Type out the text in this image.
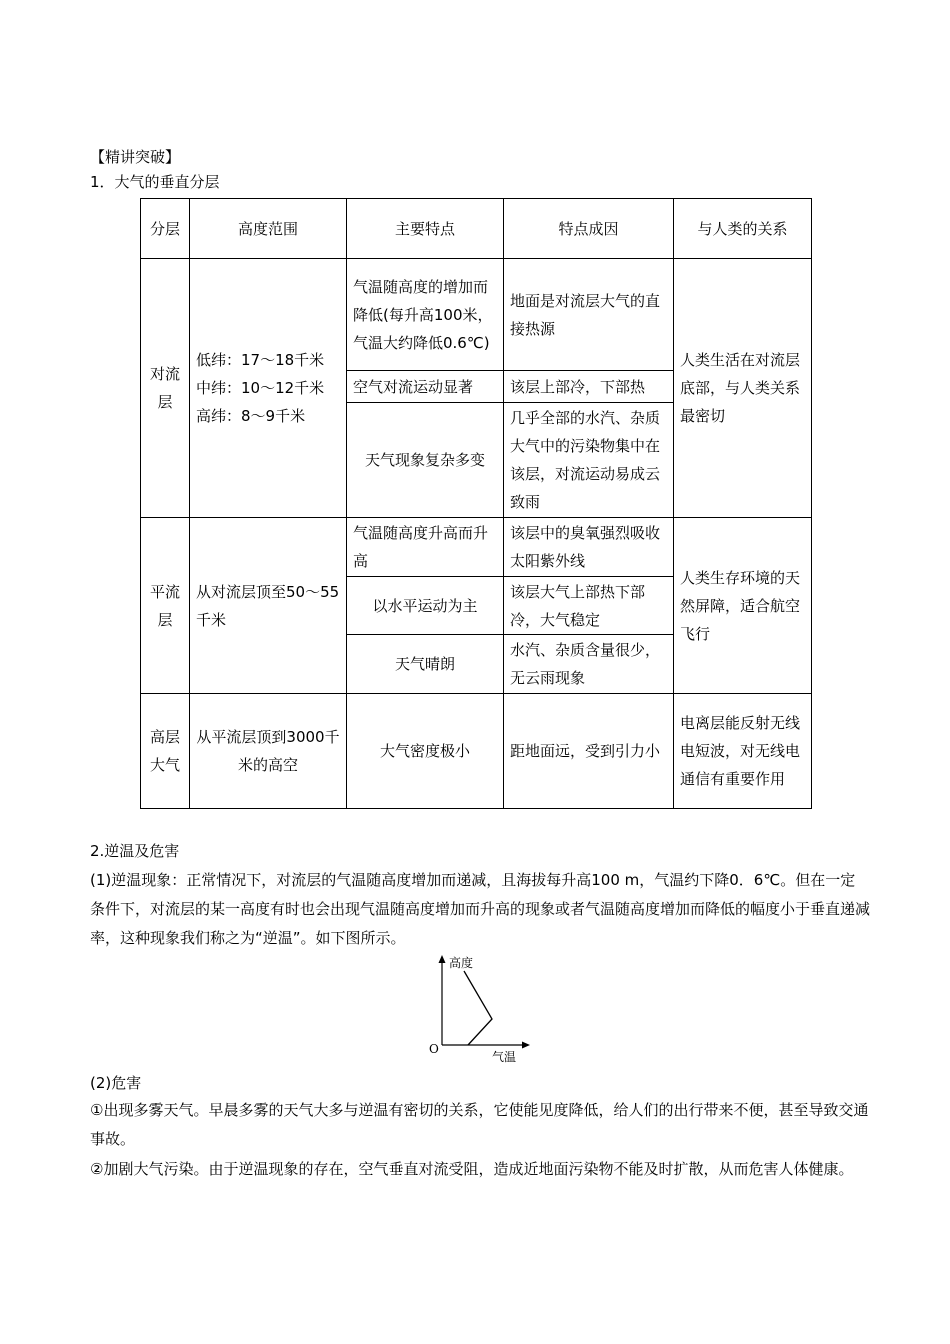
【精讲突破】
1．大气的垂直分层
分层	高度范围	主要特点	特点成因	与人类的关系
对流层	低纬：17～18千米 中纬：10～12千米 高纬：8～9千米	气温随高度的增加而降低(每升高100米，气温大约降低0.6℃)	地面是对流层大气的直接热源	人类生活在对流层底部，与人类关系最密切
		空气对流运动显著	该层上部冷，下部热	
		天气现象复杂多变	几乎全部的水汽、杂质大气中的污染物集中在该层，对流运动易成云致雨	
平流层	从对流层顶至50～55千米	气温随高度升高而升高	该层中的臭氧强烈吸收太阳紫外线	人类生存环境的天然屏障，适合航空飞行
		以水平运动为主	该层大气上部热下部冷，大气稳定	
		天气晴朗	水汽、杂质含量很少，无云雨现象	
高层大气	从平流层顶到3000千米的高空	大气密度极小	距地面远，受到引力小	电离层能反射无线电短波，对无线电通信有重要作用
2.逆温及危害
(1)逆温现象：正常情况下，对流层的气温随高度增加而递减，且海拔每升高100 m，气温约下降0．6℃。但在一定条件下，对流层的某一高度有时也会出现气温随高度增加而升高的现象或者气温随高度增加而降低的幅度小于垂直递减率，这种现象我们称之为“逆温”。如下图所示。
高度
气温
O
(2)危害
①出现多雾天气。早晨多雾的天气大多与逆温有密切的关系，它使能见度降低，给人们的出行带来不便，甚至导致交通事故。
②加剧大气污染。由于逆温现象的存在，空气垂直对流受阻，造成近地面污染物不能及时扩散，从而危害人体健康。
